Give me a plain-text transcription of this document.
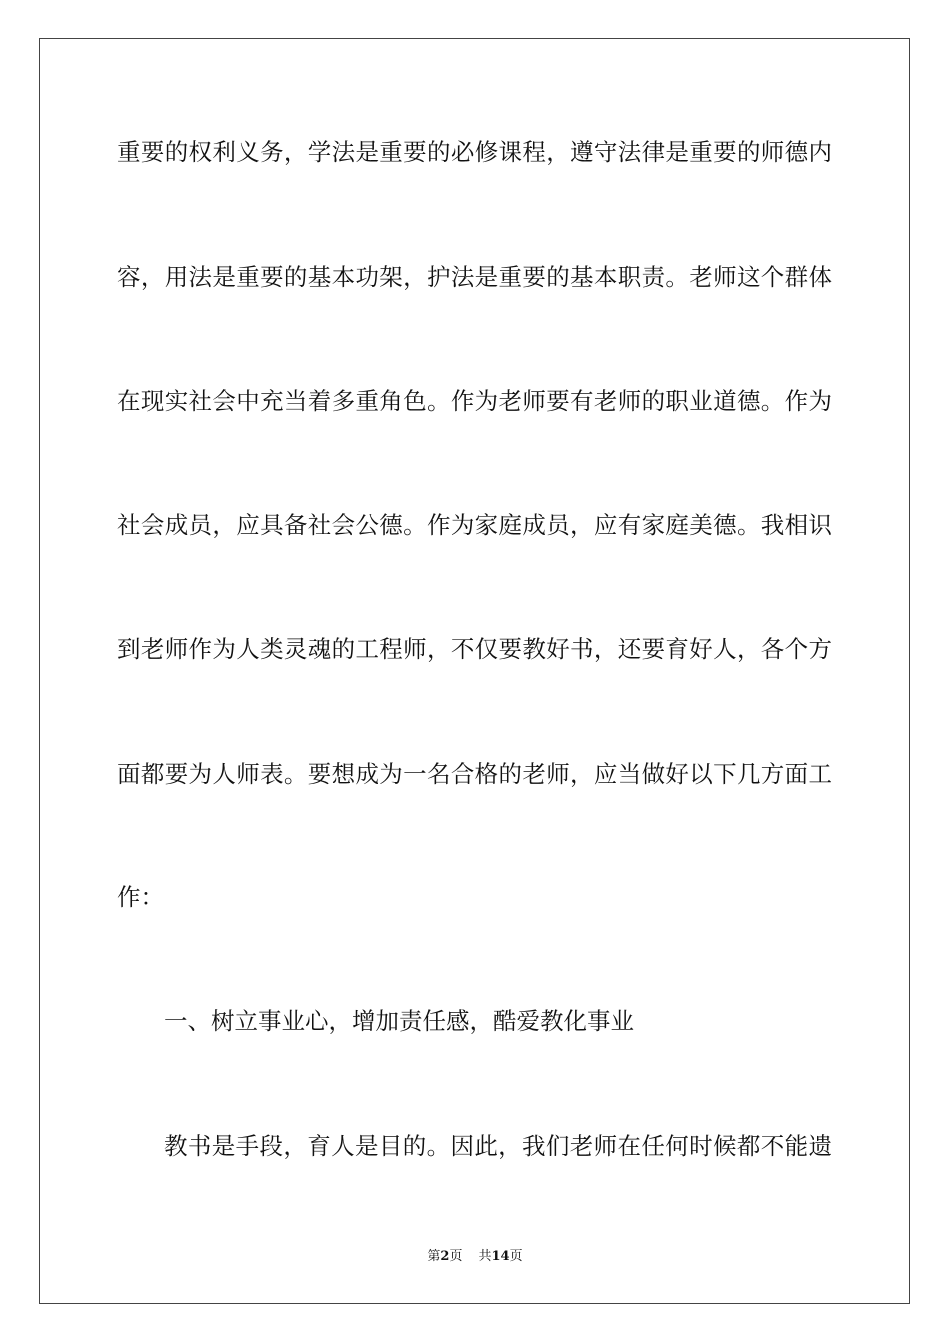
重要的权利义务，学法是重要的必修课程，遵守法律是重要的师德内
容，用法是重要的基本功架，护法是重要的基本职责。老师这个群体
在现实社会中充当着多重角色。作为老师要有老师的职业道德。作为
社会成员，应具备社会公德。作为家庭成员，应有家庭美德。我相识
到老师作为人类灵魂的工程师，不仅要教好书，还要育好人，各个方
面都要为人师表。要想成为一名合格的老师，应当做好以下几方面工
作：
一、树立事业心，增加责任感，酷爱教化事业
教书是手段，育人是目的。因此，我们老师在任何时候都不能遗
第2页 共14页
